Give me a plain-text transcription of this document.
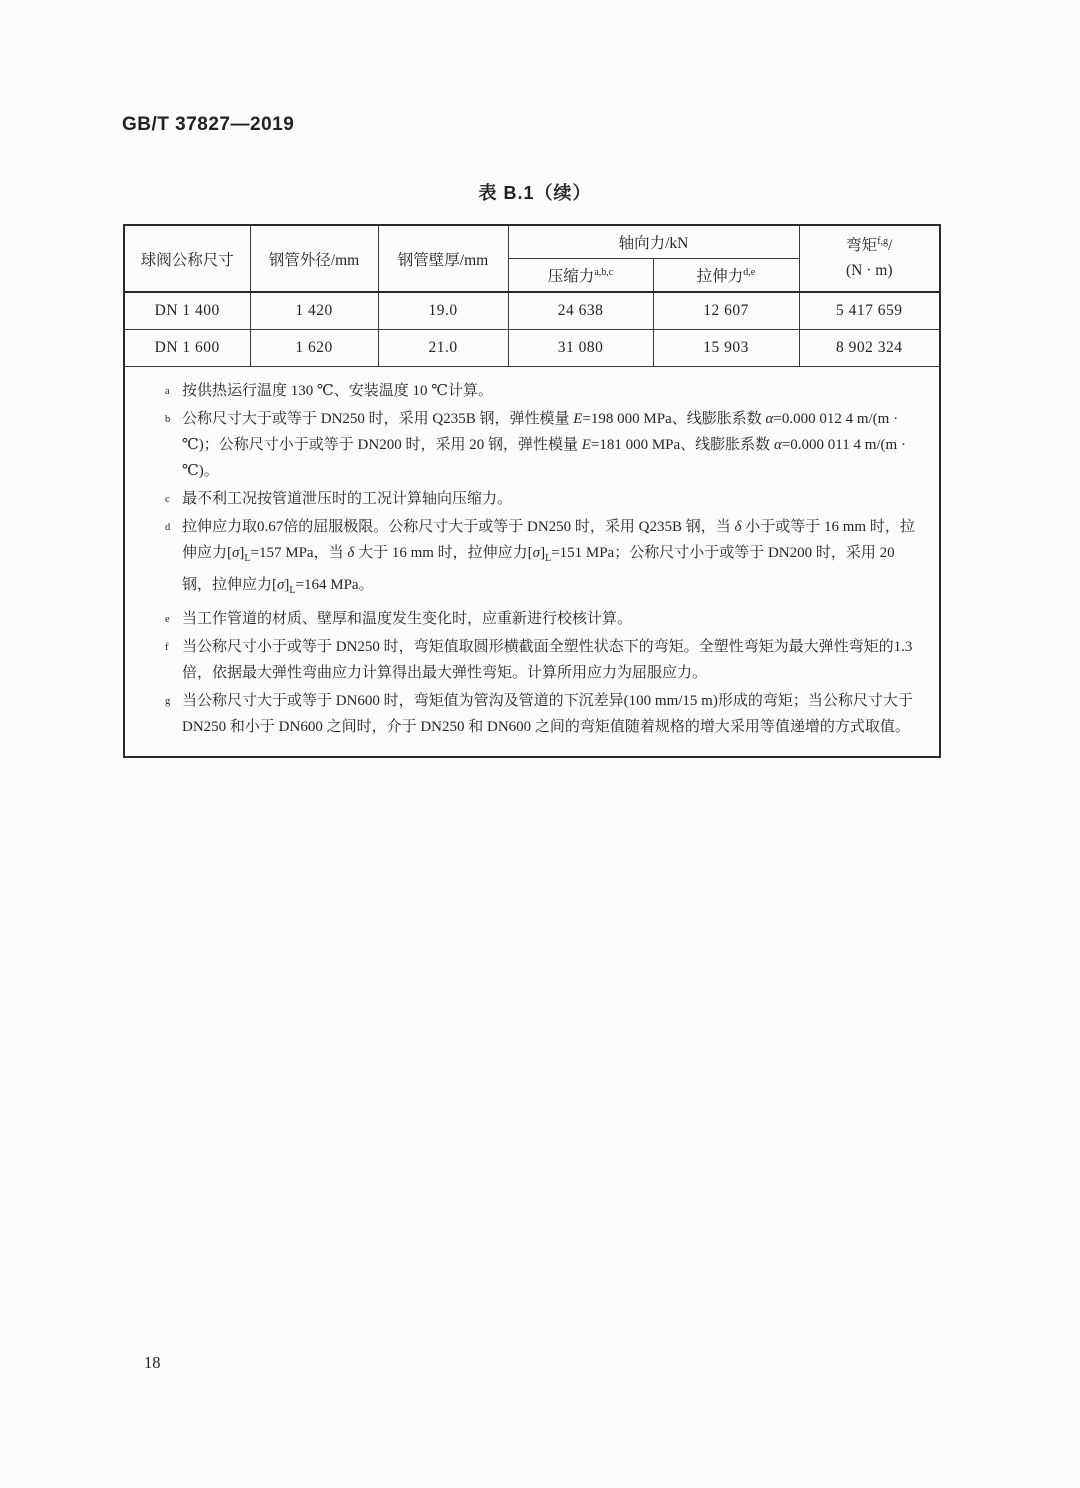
GB/T 37827—2019
表 B.1（续）
球阀公称尺寸	钢管外径/mm	钢管壁厚/mm	轴向力/kN		弯矩$^{f,g}$/
(N · m)

			压缩力$^{a,b,c}$	拉伸力$^{d,e}$
DN 1 400	1 420	19.0	24 638	12 607	5 417 659
DN 1 600	1 620	21.0	31 080	15 903	8 902 324

a 按供热运行温度 130 ℃、安装温度 10 ℃计算。
b 公称尺寸大于或等于 DN250 时，采用 Q235B 钢，弹性模量 E=198 000 MPa、线膨胀系数 α=0.000 012 4 m/(m · ℃)；公称尺寸小于或等于 DN200 时，采用 20 钢，弹性模量 E=181 000 MPa、线膨胀系数 α=0.000 011 4 m/(m · ℃)。
c 最不利工况按管道泄压时的工况计算轴向压缩力。
d 拉伸应力取0.67倍的屈服极限。公称尺寸大于或等于 DN250 时，采用 Q235B 钢，当 δ 小于或等于 16 mm 时，拉伸应力$[\sigma]_L=157$ MPa，当 δ 大于 16 mm 时，拉伸应力$[\sigma]_L=151$ MPa；公称尺寸小于或等于 DN200 时，采用 20 钢，拉伸应力$[\sigma]_L=164$ MPa。
e 当工作管道的材质、壁厚和温度发生变化时，应重新进行校核计算。
f 当公称尺寸小于或等于 DN250 时，弯矩值取圆形横截面全塑性状态下的弯矩。全塑性弯矩为最大弹性弯矩的1.3倍，依据最大弹性弯曲应力计算得出最大弹性弯矩。计算所用应力为屈服应力。
g 当公称尺寸大于或等于 DN600 时，弯矩值为管沟及管道的下沉差异(100 mm/15 m)形成的弯矩；当公称尺寸大于 DN250 和小于 DN600 之间时，介于 DN250 和 DN600 之间的弯矩值随着规格的增大采用等值递增的方式取值。
18
